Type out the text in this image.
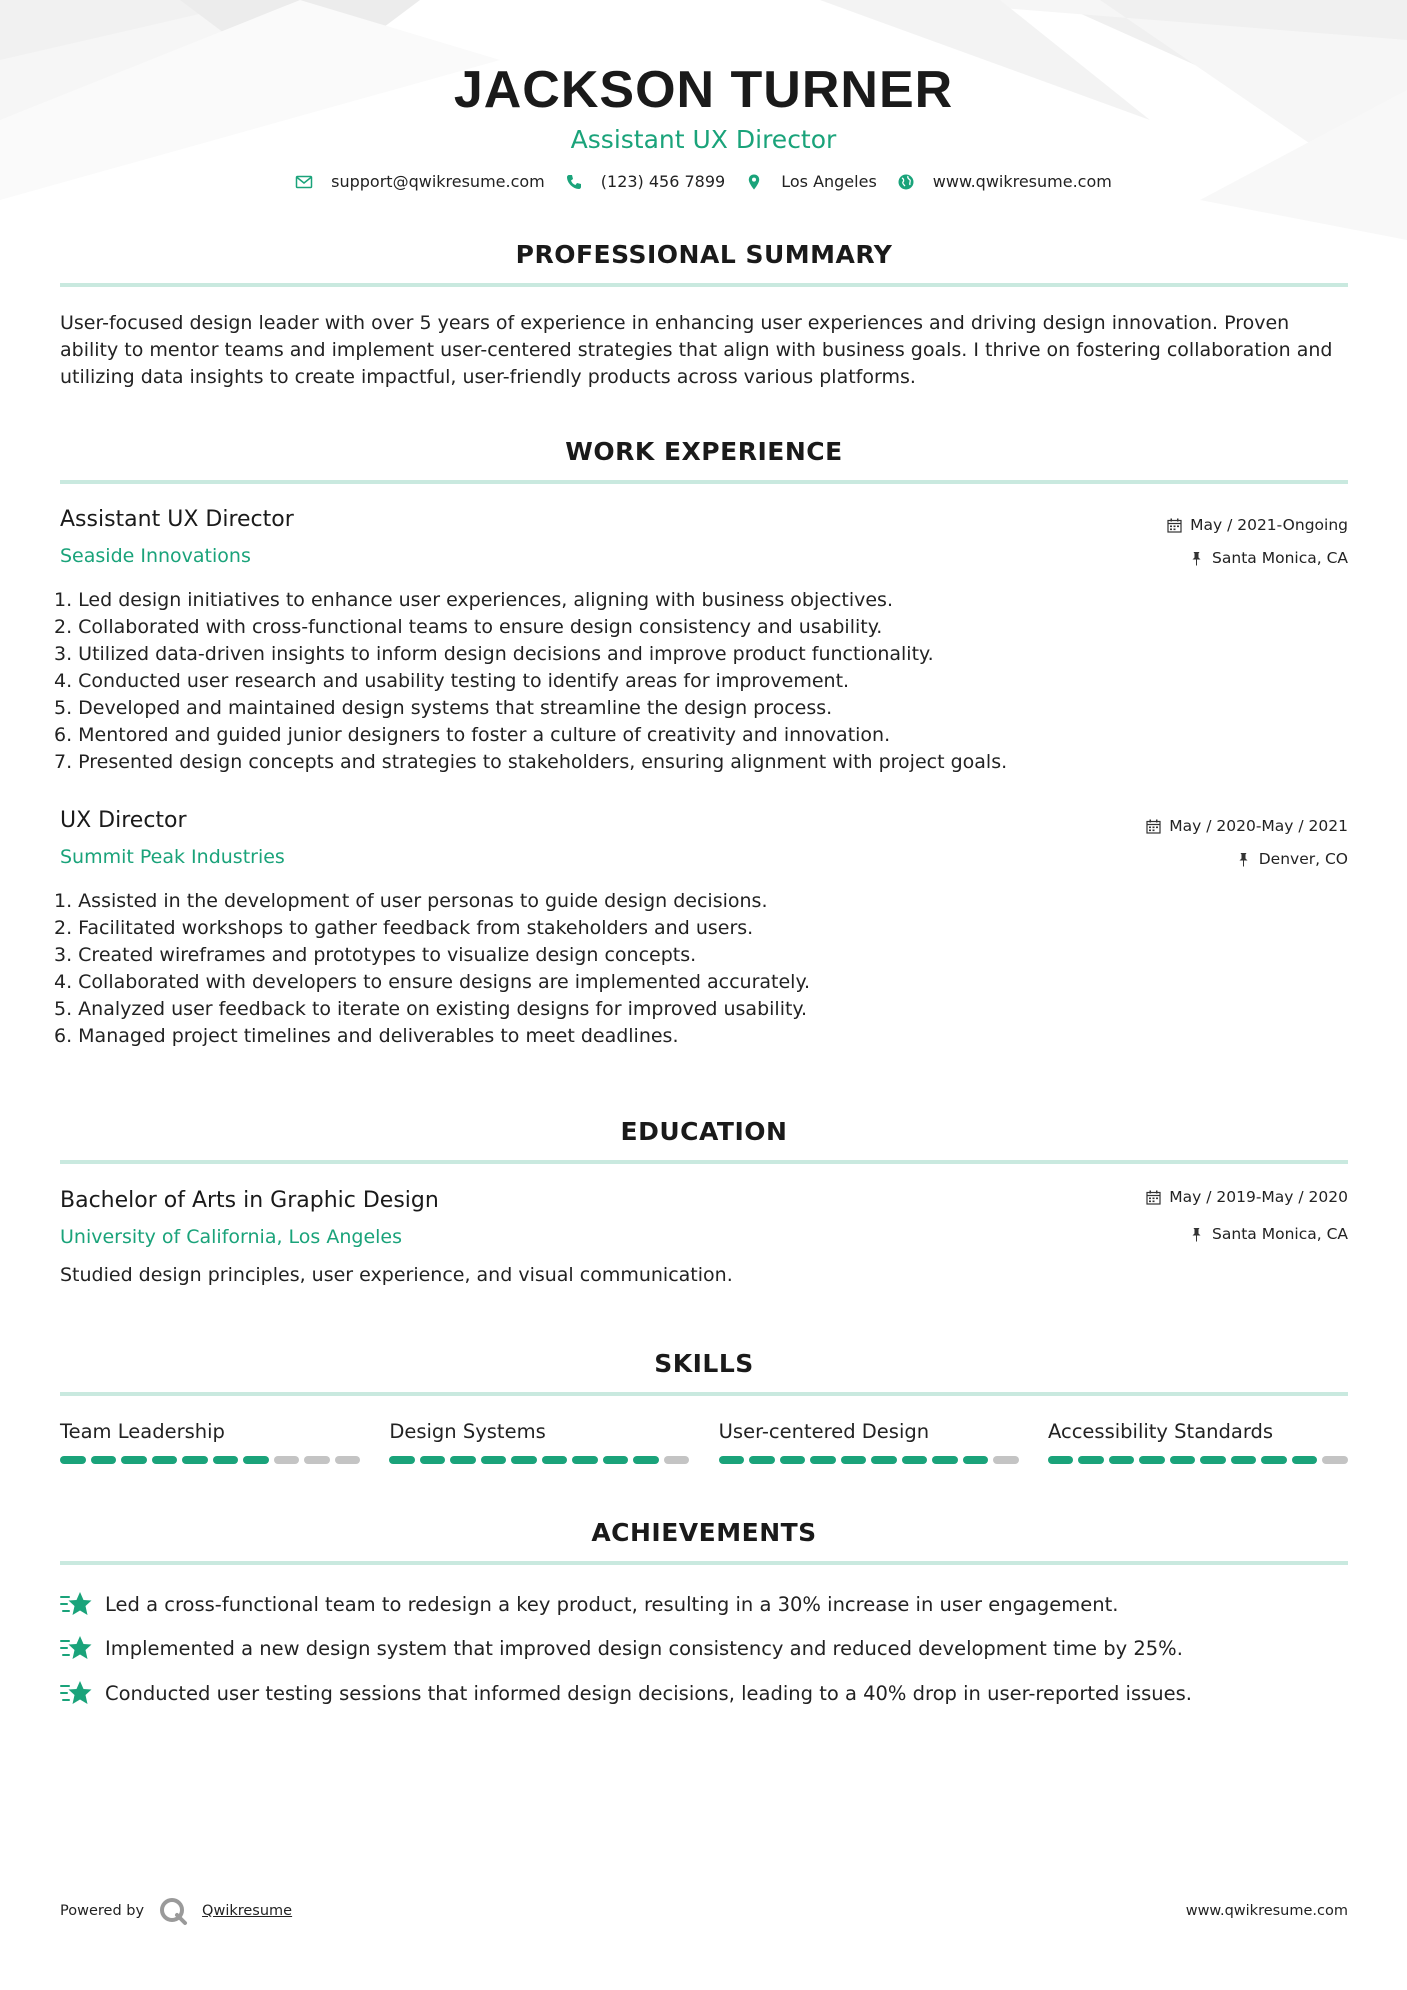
JACKSON TURNER
Assistant UX Director
support@qwikresume.com	(123) 456 7899	Los Angeles	www.qwikresume.com
PROFESSIONAL SUMMARY
User-focused design leader with over 5 years of experience in enhancing user experiences and driving design innovation. Proven ability to mentor teams and implement user-centered strategies that align with business goals. I thrive on fostering collaboration and utilizing data insights to create impactful, user-friendly products across various platforms.
WORK EXPERIENCE
Assistant UX Director
Seaside Innovations
May / 2021-Ongoing
Santa Monica, CA
1. Led design initiatives to enhance user experiences, aligning with business objectives.
2. Collaborated with cross-functional teams to ensure design consistency and usability.
3. Utilized data-driven insights to inform design decisions and improve product functionality.
4. Conducted user research and usability testing to identify areas for improvement.
5. Developed and maintained design systems that streamline the design process.
6. Mentored and guided junior designers to foster a culture of creativity and innovation.
7. Presented design concepts and strategies to stakeholders, ensuring alignment with project goals.
UX Director
Summit Peak Industries
May / 2020-May / 2021
Denver, CO
1. Assisted in the development of user personas to guide design decisions.
2. Facilitated workshops to gather feedback from stakeholders and users.
3. Created wireframes and prototypes to visualize design concepts.
4. Collaborated with developers to ensure designs are implemented accurately.
5. Analyzed user feedback to iterate on existing designs for improved usability.
6. Managed project timelines and deliverables to meet deadlines.
EDUCATION
Bachelor of Arts in Graphic Design
University of California, Los Angeles
May / 2019-May / 2020
Santa Monica, CA
Studied design principles, user experience, and visual communication.
SKILLS
Team Leadership	Design Systems	User-centered Design	Accessibility Standards
ACHIEVEMENTS
Led a cross-functional team to redesign a key product, resulting in a 30% increase in user engagement.
Implemented a new design system that improved design consistency and reduced development time by 25%.
Conducted user testing sessions that informed design decisions, leading to a 40% drop in user-reported issues.
Powered by	Qwikresume	www.qwikresume.com
